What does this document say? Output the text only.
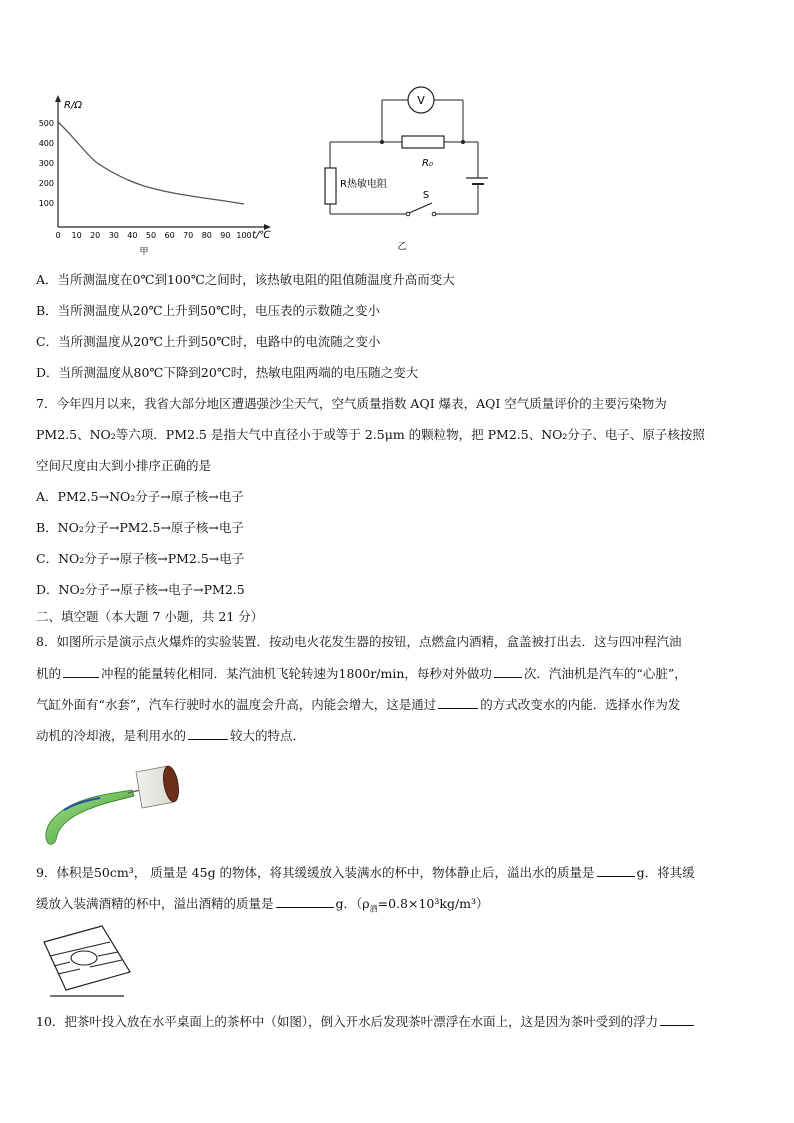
R/Ω
t/℃
500
400
300
200
100
0 10 20 30 40 50 60 70 80 90 100
甲
V
R₀
R热敏电阻
S
乙
A．当所测温度在0℃到100℃之间时，该热敏电阻的阻值随温度升高而变大
B．当所测温度从20℃上升到50℃时，电压表的示数随之变小
C．当所测温度从20℃上升到50℃时，电路中的电流随之变小
D．当所测温度从80℃下降到20℃时，热敏电阻两端的电压随之变大
7．今年四月以来，我省大部分地区遭遇强沙尘天气，空气质量指数 AQI 爆表，AQI 空气质量评价的主要污染物为
PM2.5、NO₂等六项．PM2.5 是指大气中直径小于或等于 2.5μm 的颗粒物，把 PM2.5、NO₂分子、电子、原子核按照
空间尺度由大到小排序正确的是
A．PM2.5→NO₂分子→原子核→电子
B．NO₂分子→PM2.5→原子核→电子
C．NO₂分子→原子核→PM2.5→电子
D．NO₂分子→原子核→电子→PM2.5
二、填空题（本大题 7 小题，共 21 分）
8．如图所示是演示点火爆炸的实验装置．按动电火花发生器的按钮，点燃盒内酒精，盒盖被打出去．这与四冲程汽油
机的	冲程的能量转化相同．某汽油机飞轮转速为1800r/min，每秒对外做功	次．汽油机是汽车的“心脏”，
气缸外面有“水套”，汽车行驶时水的温度会升高，内能会增大，这是通过	的方式改变水的内能．选择水作为发
动机的冷却液，是利用水的	较大的特点．
9．体积是50cm³， 质量是 45g 的物体，将其缓缓放入装满水的杯中，物体静止后，溢出水的质量是	g．将其缓
缓放入装满酒精的杯中，溢出酒精的质量是	g．$(\rho_酒=0.8\times 10^3kg/m^3)$
10．把茶叶投入放在水平桌面上的茶杯中（如图），倒入开水后发现茶叶漂浮在水面上，这是因为茶叶受到的浮力
